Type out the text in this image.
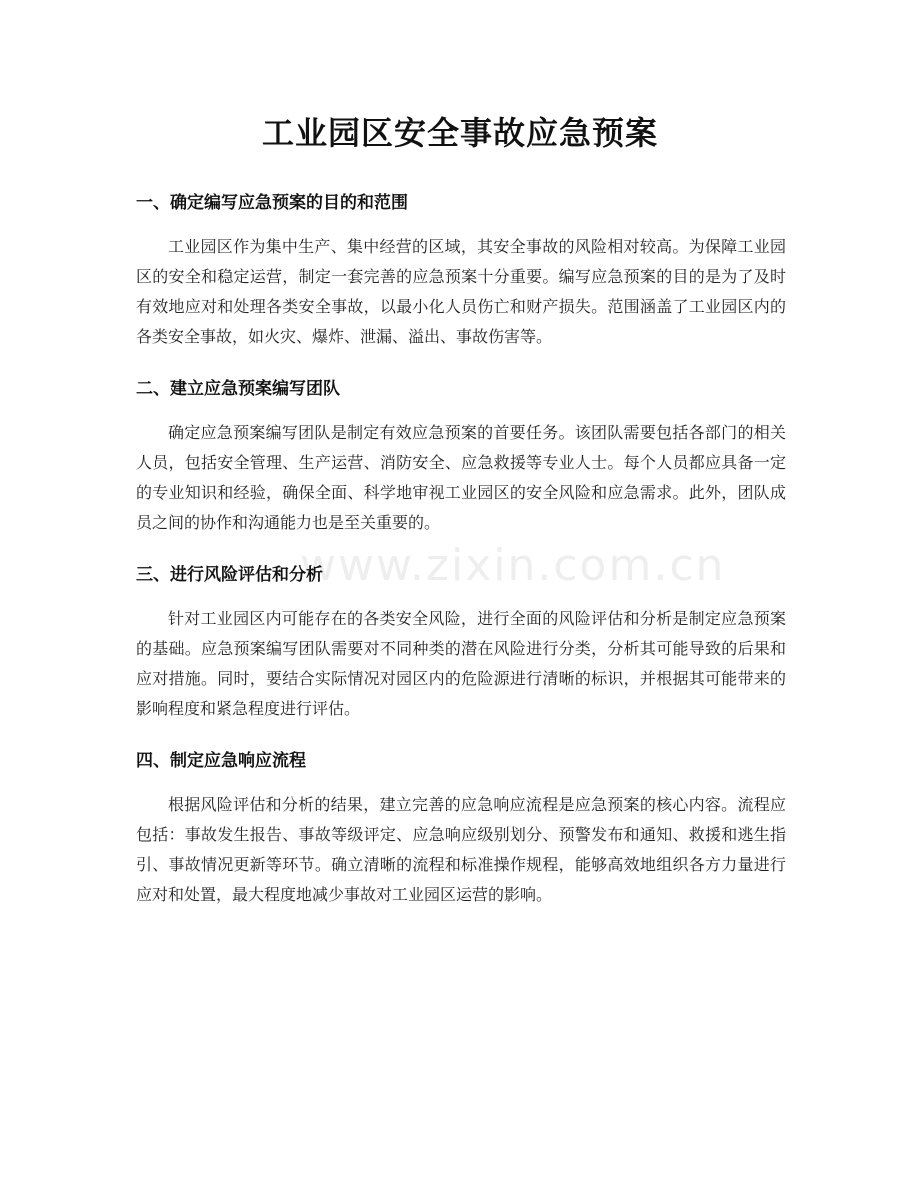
工业园区安全事故应急预案
www.zixin.com.cn
一、确定编写应急预案的目的和范围

工业园区作为集中生产、集中经营的区域，其安全事故的风险相对较高。为保障工业园区的安全和稳定运营，制定一套完善的应急预案十分重要。编写应急预案的目的是为了及时有效地应对和处理各类安全事故，以最小化人员伤亡和财产损失。范围涵盖了工业园区内的各类安全事故，如火灾、爆炸、泄漏、溢出、事故伤害等。

二、建立应急预案编写团队

确定应急预案编写团队是制定有效应急预案的首要任务。该团队需要包括各部门的相关人员，包括安全管理、生产运营、消防安全、应急救援等专业人士。每个人员都应具备一定的专业知识和经验，确保全面、科学地审视工业园区的安全风险和应急需求。此外，团队成员之间的协作和沟通能力也是至关重要的。

三、进行风险评估和分析

针对工业园区内可能存在的各类安全风险，进行全面的风险评估和分析是制定应急预案的基础。应急预案编写团队需要对不同种类的潜在风险进行分类，分析其可能导致的后果和应对措施。同时，要结合实际情况对园区内的危险源进行清晰的标识，并根据其可能带来的影响程度和紧急程度进行评估。

四、制定应急响应流程

根据风险评估和分析的结果，建立完善的应急响应流程是应急预案的核心内容。流程应包括：事故发生报告、事故等级评定、应急响应级别划分、预警发布和通知、救援和逃生指引、事故情况更新等环节。确立清晰的流程和标准操作规程，能够高效地组织各方力量进行应对和处置，最大程度地减少事故对工业园区运营的影响。
